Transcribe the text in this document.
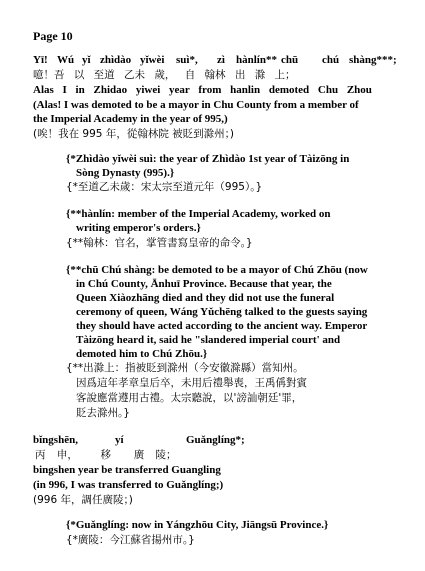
Page 10
Yī! Wú yǐ zhìdào yǐwèi suì*, zì hànlín** chū chú shàng***;
噫！吾 以 至道 乙未 歲， 自 翰林 出 滁 上；
Alas I in Zhidao yiwei year from hanlin demoted Chu Zhou
(Alas! I was demoted to be a mayor in Chu County from a member of
the Imperial Academy in the year of 995,)
(唉！我在 995 年，從翰林院 被貶到滁州；)
{*Zhìdào yǐwèi suì: the year of Zhìdào 1st year of Tàizōng in
Sòng Dynasty (995).}
{*至道乙未歲：宋太宗至道元年（995）。}
{**hànlín: member of the Imperial Academy, worked on
writing emperor's orders.}
{**翰林：官名，掌管書寫皇帝的命令。}
{**chū Chú shàng: be demoted to be a mayor of Chú Zhōu (now
in Chú County, Ānhuī Province. Because that year, the
Queen Xiàozhāng died and they did not use the funeral
ceremony of queen, Wáng Yǔchēng talked to the guests saying
they should have acted according to the ancient way. Emperor
Tàizōng heard it, said he "slandered imperial court' and
demoted him to Chú Zhōu.}
{**出滁上：指被貶到滁州（今安徽滁縣）當知州。
因爲這年孝章皇后卒，未用后禮舉喪，王禹偁對賓
客說應當遵用古禮。太宗聽說，以'謗訕朝廷'罪，
貶去滁州。}
bǐngshēn,	yí	Guǎnglíng*;
丙 申，  移  廣 陵；
bingshen year be transferred Guangling
(in 996, I was transferred to Guǎnglíng;)
(996 年，調任廣陵；)
{*Guǎnglíng: now in Yángzhōu City, Jiāngsū Province.}
{*廣陵：今江蘇省揚州市。}
